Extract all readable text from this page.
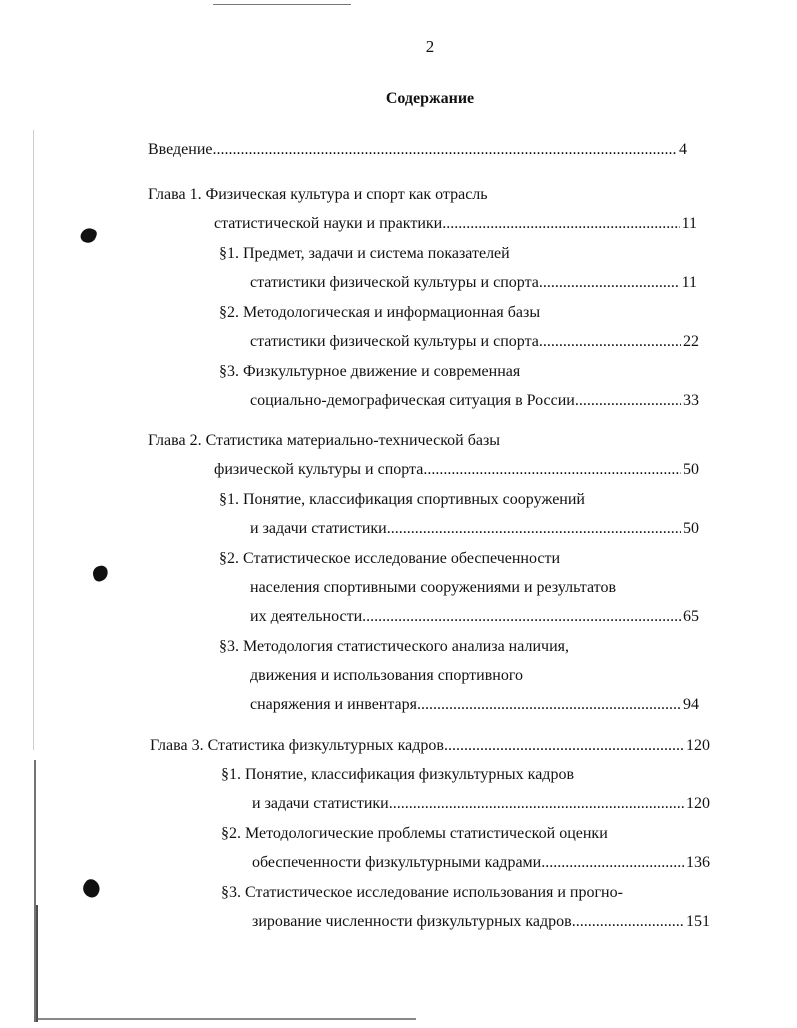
2
Содержание
Введение .....	4
Глава 1. Физическая культура и спорт как отрасль
статистической науки и практики .....	11
§1. Предмет, задачи и система показателей
статистики физической культуры и спорта .....	11
§2. Методологическая и информационная базы
статистики физической культуры и спорта .....	22
§3. Физкультурное движение и современная
социально-демографическая ситуация в России .....	33
Глава 2. Статистика материально-технической базы
физической культуры и спорта .....	50
§1. Понятие, классификация спортивных сооружений
и задачи статистики .....	50
§2. Статистическое исследование обеспеченности
населения спортивными сооружениями и результатов
их деятельности .....	65
§3. Методология статистического анализа наличия,
движения и использования спортивного
снаряжения и инвентаря .....	94
Глава 3. Статистика физкультурных кадров .....	120
§1. Понятие, классификация физкультурных кадров
и задачи статистики .....	120
§2. Методологические проблемы статистической оценки
обеспеченности физкультурными кадрами .....	136
§3. Статистическое исследование использования и прогно-
зирование численности физкультурных кадров .....	151
